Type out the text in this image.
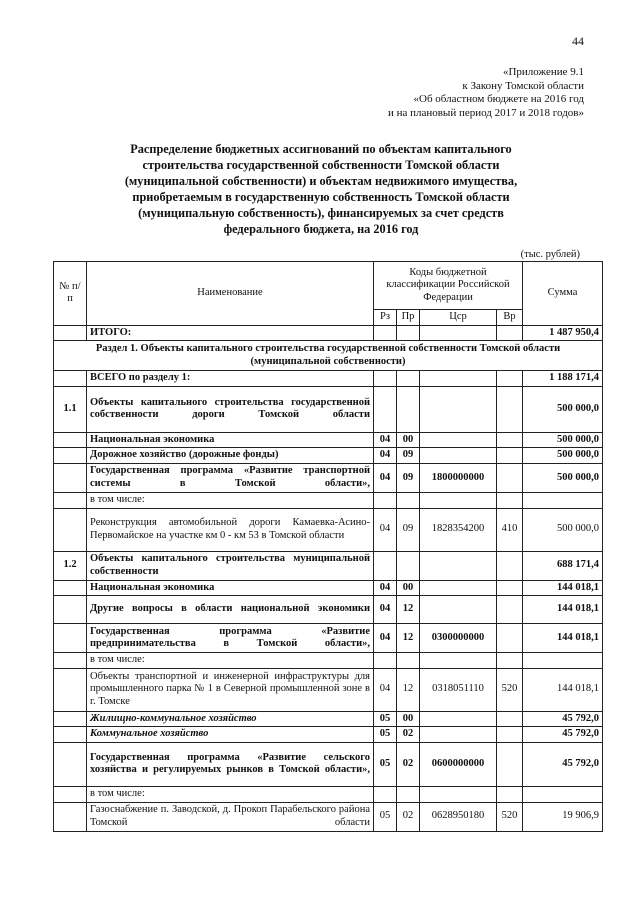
44
«Приложение 9.1
к Закону Томской области
«Об областном бюджете на 2016 год
и на плановый период 2017 и 2018 годов»
Распределение бюджетных ассигнований по объектам капитального
строительства государственной собственности Томской области
(муниципальной собственности) и объектам недвижимого имущества,
приобретаемым в государственную собственность Томской области
(муниципальную собственность), финансируемых за счет средств
федерального бюджета, на 2016 год
(тыс. рублей)
№ п/п	Наименование	Коды бюджетной классификации Российской Федерации				Сумма
		Рз	Пр	Цср	Вр	
	ИТОГО:					1 487 950,4
Раздел 1. Объекты капитального строительства государственной собственности Томской области (муниципальной собственности)						
	ВСЕГО по разделу 1:					1 188 171,4
1.1	Объекты капитального строительства государственной собственности дороги Томской области					500 000,0
	Национальная экономика	04	00			500 000,0
	Дорожное хозяйство (дорожные фонды)	04	09			500 000,0
	Государственная программа «Развитие транспортной системы в Томской области»,	04	09	1800000000		500 000,0
	в том числе:					
	Реконструкция автомобильной дороги Камаевка-Асино-Первомайское на участке км 0 - км 53 в Томской области	04	09	1828354200	410	500 000,0
1.2	Объекты капитального строительства муниципальной собственности					688 171,4
	Национальная экономика	04	00			144 018,1
	Другие вопросы в области национальной экономики	04	12			144 018,1
	Государственная программа «Развитие предпринимательства в Томской области»,	04	12	0300000000		144 018,1
	в том числе:					
	Объекты транспортной и инженерной инфраструктуры для промышленного парка № 1 в Северной промышленной зоне в г. Томске	04	12	0318051110	520	144 018,1
	Жилищно-коммунальное хозяйство	05	00			45 792,0
	Коммунальное хозяйство	05	02			45 792,0
	Государственная программа «Развитие сельского хозяйства и регулируемых рынков в Томской области»,	05	02	0600000000		45 792,0
	в том числе:					
	Газоснабжение п. Заводской, д. Прокоп Парабельского района Томской области	05	02	0628950180	520	19 906,9
